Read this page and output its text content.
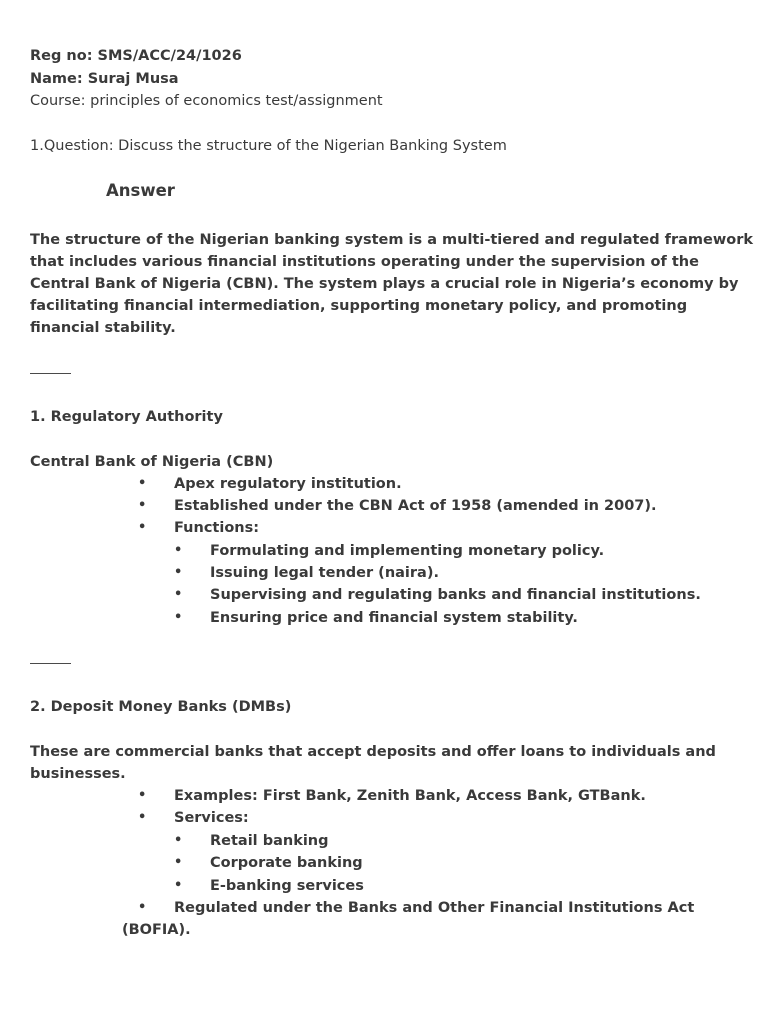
Reg no: SMS/ACC/24/1026
Name: Suraj Musa
Course: principles of economics test/assignment
1.Question: Discuss the structure of the Nigerian Banking System
Answer
The structure of the Nigerian banking system is a multi-tiered and regulated framework
that includes various financial institutions operating under the supervision of the
Central Bank of Nigeria (CBN). The system plays a crucial role in Nigeria’s economy by
facilitating financial intermediation, supporting monetary policy, and promoting
financial stability.
1. Regulatory Authority
Central Bank of Nigeria (CBN)
• Apex regulatory institution.
• Established under the CBN Act of 1958 (amended in 2007).
• Functions:
• Formulating and implementing monetary policy.
• Issuing legal tender (naira).
• Supervising and regulating banks and financial institutions.
• Ensuring price and financial system stability.
2. Deposit Money Banks (DMBs)
These are commercial banks that accept deposits and offer loans to individuals and
businesses.
• Examples: First Bank, Zenith Bank, Access Bank, GTBank.
• Services:
• Retail banking
• Corporate banking
• E-banking services
• Regulated under the Banks and Other Financial Institutions Act
(BOFIA).
